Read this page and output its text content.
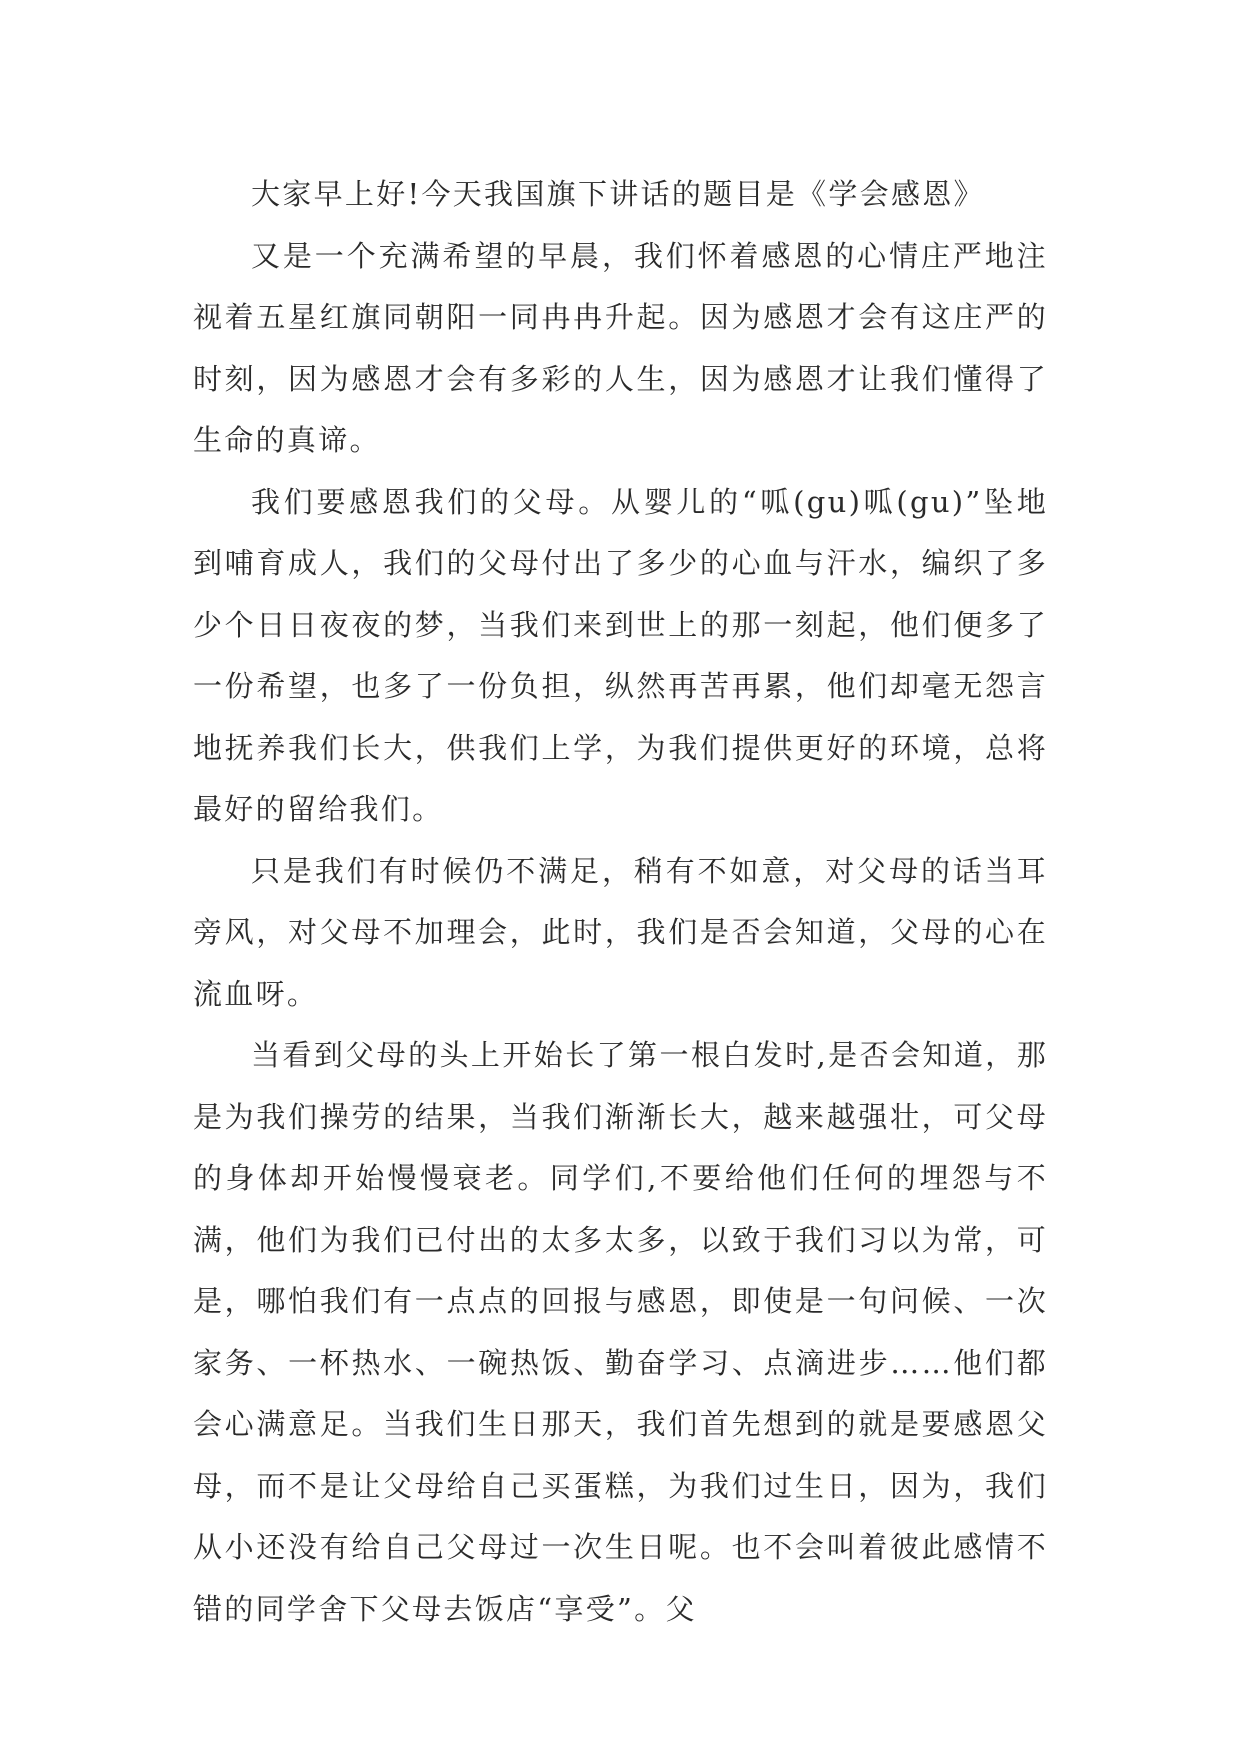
大家早上好!今天我国旗下讲话的题目是《学会感恩》

又是一个充满希望的早晨，我们怀着感恩的心情庄严地注视着五星红旗同朝阳一同冉冉升起。因为感恩才会有这庄严的时刻，因为感恩才会有多彩的人生，因为感恩才让我们懂得了生命的真谛。

我们要感恩我们的父母。从婴儿的“呱(gu)呱(gu)”坠地到哺育成人，我们的父母付出了多少的心血与汗水，编织了多少个日日夜夜的梦，当我们来到世上的那一刻起，他们便多了一份希望，也多了一份负担，纵然再苦再累，他们却毫无怨言地抚养我们长大，供我们上学，为我们提供更好的环境，总将最好的留给我们。

只是我们有时候仍不满足，稍有不如意，对父母的话当耳旁风，对父母不加理会，此时，我们是否会知道，父母的心在流血呀。

当看到父母的头上开始长了第一根白发时,是否会知道，那是为我们操劳的结果，当我们渐渐长大，越来越强壮，可父母的身体却开始慢慢衰老。同学们,不要给他们任何的埋怨与不满，他们为我们已付出的太多太多，以致于我们习以为常，可是，哪怕我们有一点点的回报与感恩，即使是一句问候、一次家务、一杯热水、一碗热饭、勤奋学习、点滴进步……他们都会心满意足。当我们生日那天，我们首先想到的就是要感恩父母，而不是让父母给自己买蛋糕，为我们过生日，因为，我们从小还没有给自己父母过一次生日呢。也不会叫着彼此感情不错的同学舍下父母去饭店“享受”。父
